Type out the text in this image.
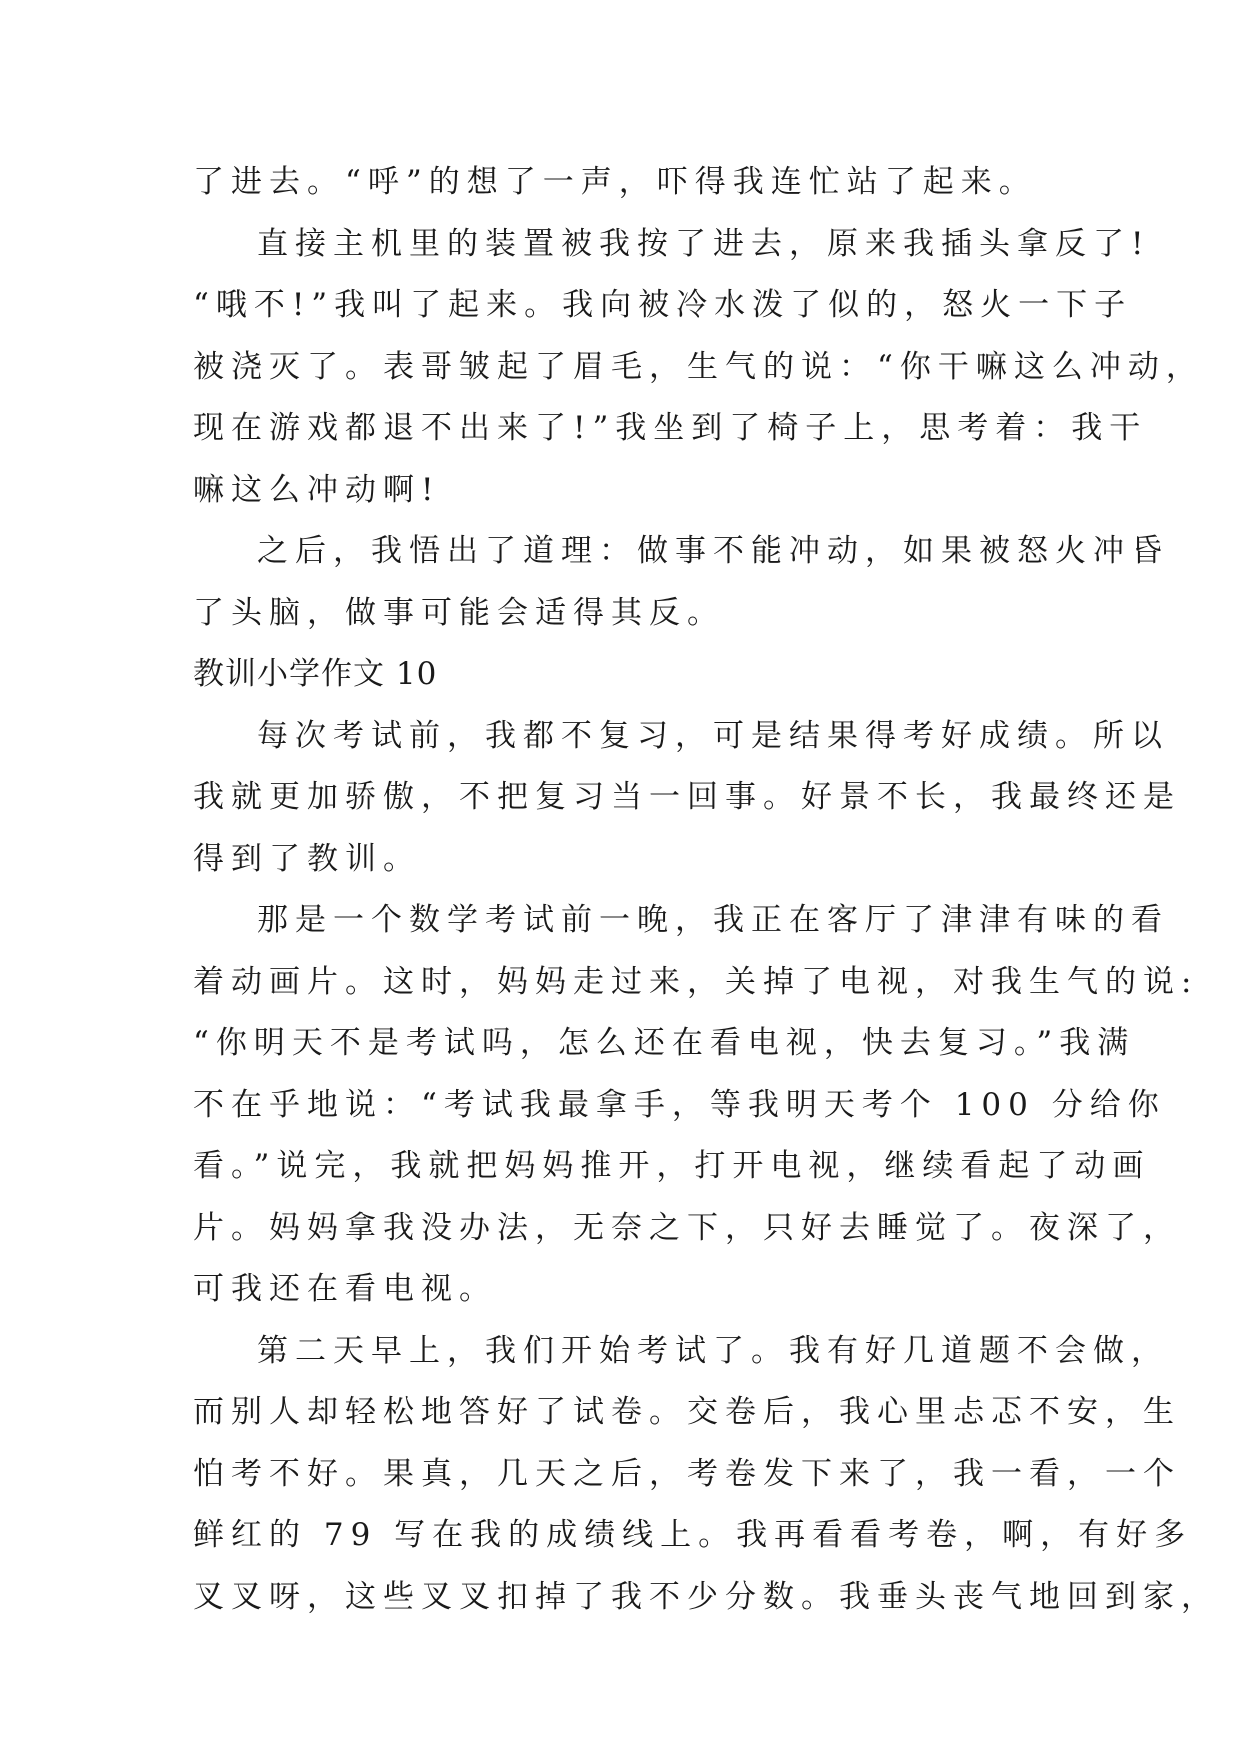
了进去。“呼”的想了一声，吓得我连忙站了起来。
直接主机里的装置被我按了进去，原来我插头拿反了!
“哦不!”我叫了起来。我向被冷水泼了似的，怒火一下子
被浇灭了。表哥皱起了眉毛，生气的说：“你干嘛这么冲动，
现在游戏都退不出来了!”我坐到了椅子上，思考着：我干
嘛这么冲动啊!
之后，我悟出了道理：做事不能冲动，如果被怒火冲昏
了头脑，做事可能会适得其反。
教训小学作文 10
每次考试前，我都不复习，可是结果得考好成绩。所以
我就更加骄傲，不把复习当一回事。好景不长，我最终还是
得到了教训。
那是一个数学考试前一晚，我正在客厅了津津有味的看
着动画片。这时，妈妈走过来，关掉了电视，对我生气的说:
“你明天不是考试吗，怎么还在看电视，快去复习。”我满
不在乎地说：“考试我最拿手，等我明天考个 100 分给你
看。”说完，我就把妈妈推开，打开电视，继续看起了动画
片。妈妈拿我没办法，无奈之下，只好去睡觉了。夜深了，
可我还在看电视。
第二天早上，我们开始考试了。我有好几道题不会做，
而别人却轻松地答好了试卷。交卷后，我心里忐忑不安，生
怕考不好。果真，几天之后，考卷发下来了，我一看，一个
鲜红的 79 写在我的成绩线上。我再看看考卷，啊，有好多
叉叉呀，这些叉叉扣掉了我不少分数。我垂头丧气地回到家，
